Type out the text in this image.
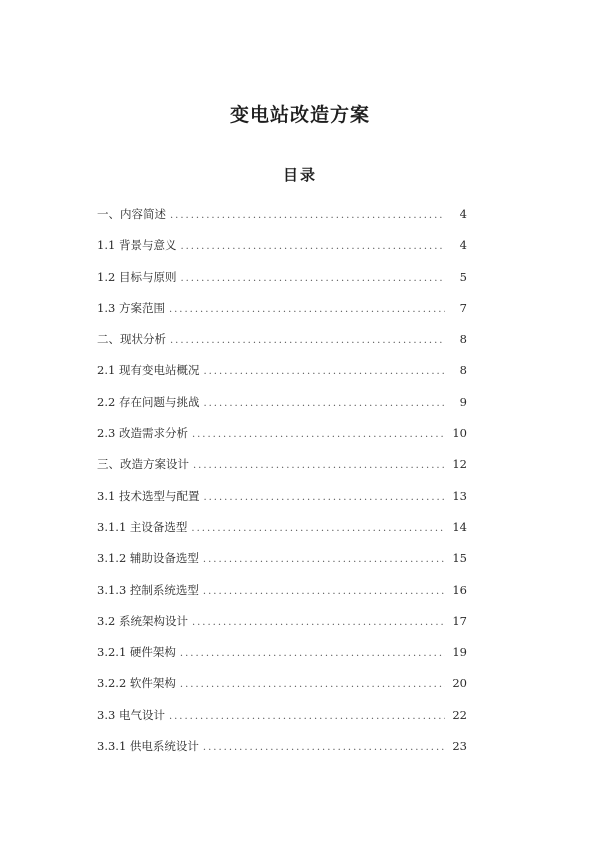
变电站改造方案
目录
一、内容简述 .....	4
1.1 背景与意义 .....	4
1.2 目标与原则 .....	5
1.3 方案范围 .....	7
二、现状分析 .....	8
2.1 现有变电站概况 .....	8
2.2 存在问题与挑战 .....	9
2.3 改造需求分析 .....	10
三、改造方案设计 .....	12
3.1 技术选型与配置 .....	13
3.1.1 主设备选型 .....	14
3.1.2 辅助设备选型 .....	15
3.1.3 控制系统选型 .....	16
3.2 系统架构设计 .....	17
3.2.1 硬件架构 .....	19
3.2.2 软件架构 .....	20
3.3 电气设计 .....	22
3.3.1 供电系统设计 .....	23
